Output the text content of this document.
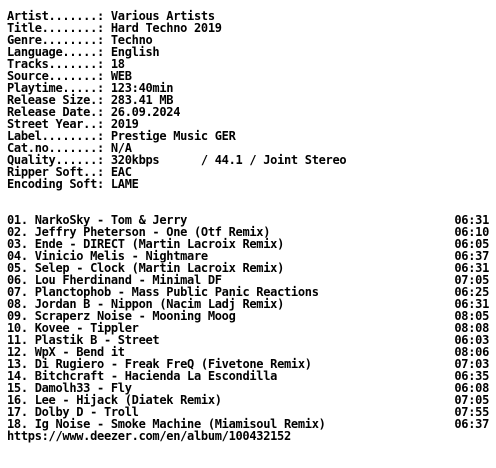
Artist.......: Various Artists
Title........: Hard Techno 2019
Genre........: Techno
Language.....: English
Tracks.......: 18
Source.......: WEB
Playtime.....: 123:40min
Release Size.: 283.41 MB
Release Date.: 26.09.2024
Street Year..: 2019
Label........: Prestige Music GER
Cat.no.......: N/A
Quality......: 320kbps      / 44.1 / Joint Stereo
Ripper Soft..: EAC
Encoding Soft: LAME
01. NarkoSky - Tom & Jerry	06:31
02. Jeffry Pheterson - One (Otf Remix)	06:10
03. Ende - DIRECT (Martin Lacroix Remix)	06:05
04. Vinicio Melis - Nightmare	06:37
05. Selep - Clock (Martin Lacroix Remix)	06:31
06. Lou Fherdinand - Minimal DF	07:05
07. Planctophob - Mass Public Panic Reactions	06:25
08. Jordan B - Nippon (Nacim Ladj Remix)	06:31
09. Scraperz Noise - Mooning Moog	08:05
10. Kovee - Tippler	08:08
11. Plastik B - Street	06:03
12. WpX - Bend it	08:06
13. Di Rugiero - Freak FreQ (Fivetone Remix)	07:03
14. Bitchcraft - Hacienda La Escondilla	06:35
15. Damolh33 - Fly	06:08
16. Lee - Hijack (Diatek Remix)	07:05
17. Dolby D - Troll	07:55
18. Ig Noise - Smoke Machine (Miamisoul Remix)	06:37
https://www.deezer.com/en/album/100432152
